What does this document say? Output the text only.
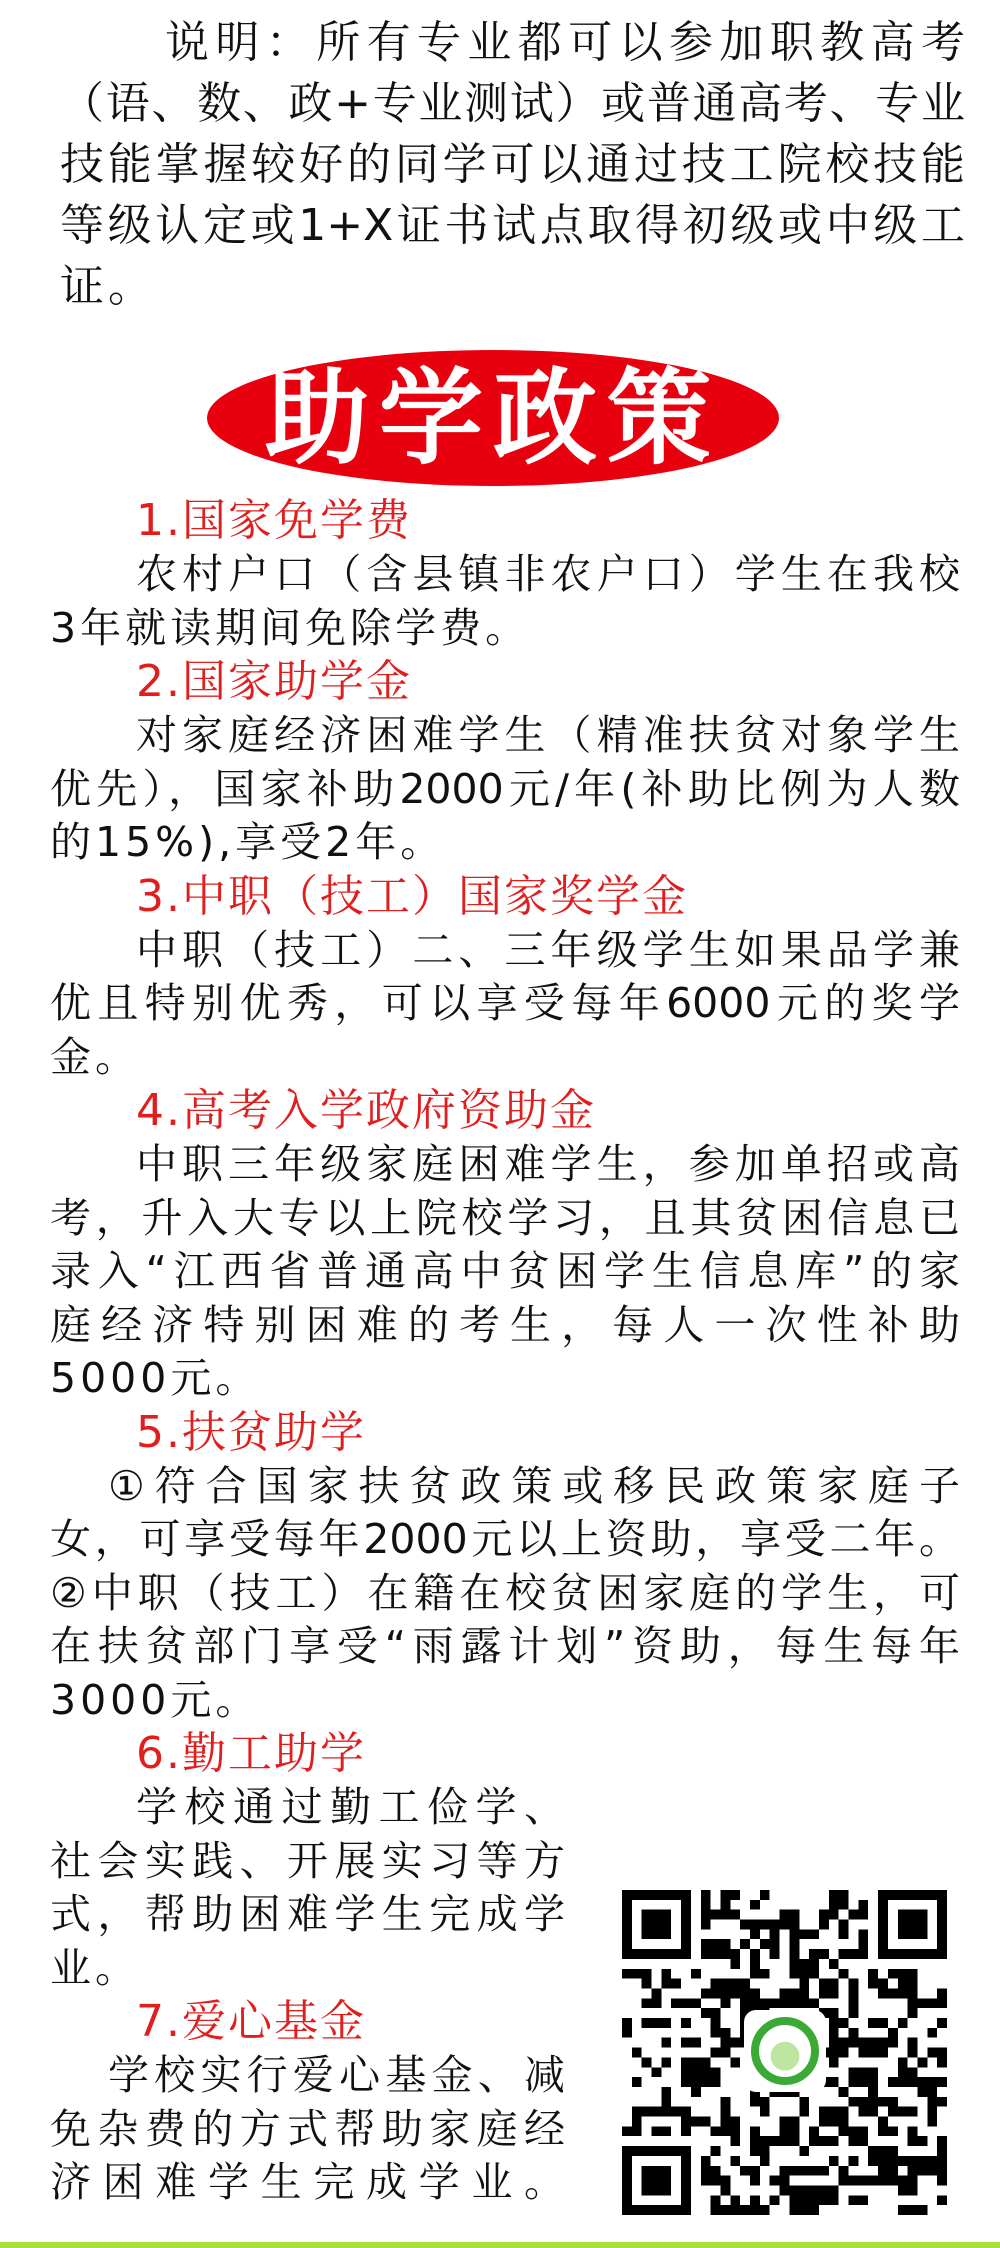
说明：所有专业都可以参加职教高考
（语、数、政+专业测试）或普通高考、专业
技能掌握较好的同学可以通过技工院校技能
等级认定或1+X证书试点取得初级或中级工
证。
助学政策
1.国家免学费
农村户口（含县镇非农户口）学生在我校
3年就读期间免除学费。
2.国家助学金
对家庭经济困难学生（精准扶贫对象学生
优先），国家补助2000元/年(补助比例为人数
的15%),享受2年。
3.中职（技工）国家奖学金
中职（技工）二、三年级学生如果品学兼
优且特别优秀，可以享受每年6000元的奖学
金。
4.高考入学政府资助金
中职三年级家庭困难学生，参加单招或高
考，升入大专以上院校学习，且其贫困信息已
录入“江西省普通高中贫困学生信息库”的家
庭经济特别困难的考生，每人一次性补助
5000元。
5.扶贫助学
①符合国家扶贫政策或移民政策家庭子
女，可享受每年2000元以上资助，享受二年。
②中职（技工）在籍在校贫困家庭的学生，可
在扶贫部门享受“雨露计划”资助，每生每年
3000元。
6.勤工助学
学校通过勤工俭学、
社会实践、开展实习等方
式，帮助困难学生完成学
业。
7.爱心基金
学校实行爱心基金、减
免杂费的方式帮助家庭经
济困难学生完成学业。
